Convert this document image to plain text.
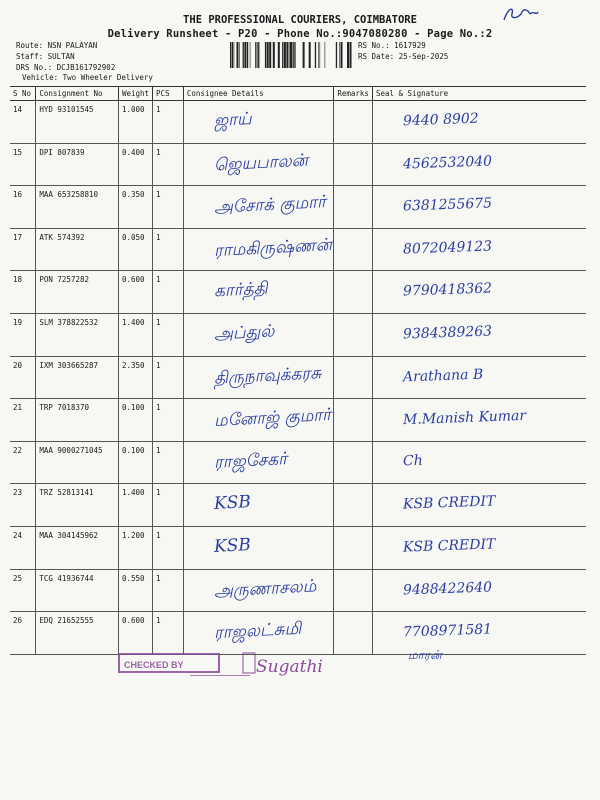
THE PROFESSIONAL COURIERS, COIMBATORE
Delivery Runsheet - P20 - Phone No.:9047080280 - Page No.:2
Route: NSN PALAYAN
Staff: SULTAN
DRS No.: DCJB161792902
RS No.: 1617929
RS Date: 25-Sep-2025
Vehicle: Two Wheeler Delivery
S No	Consignment No	Weight	PCS	Consignee Details	Remarks	Seal & Signature
14	HYD 93101545	1.000	1	ஜாய்		9440 8902

15	DPI 807839	0.400	1	ஜெயபாலன்		4562532040

16	MAA 653258810	0.350	1	அசோக் குமார்		6381255675

17	ATK 574392	0.050	1	ராமகிருஷ்ணன்		8072049123

18	PON 7257282	0.600	1	கார்த்தி		9790418362

19	SLM 378822532	1.400	1	அப்துல்		9384389263

20	IXM 303665287	2.350	1	திருநாவுக்கரசு		Arathana B

21	TRP 7018370	0.100	1	மனோஜ் குமார்		M.Manish Kumar

22	MAA 9000271045	0.100	1	ராஜசேகர்		Ch

23	TRZ 52813141	1.400	1	KSB		KSB CREDIT

24	MAA 304145962	1.200	1	KSB		KSB CREDIT

25	TCG 41936744	0.550	1	அருணாசலம்		9488422640

26	EDQ 21652555	0.600	1	ராஜலட்சுமி		7708971581
CHECKED BY	Sugathi
மாரன்
